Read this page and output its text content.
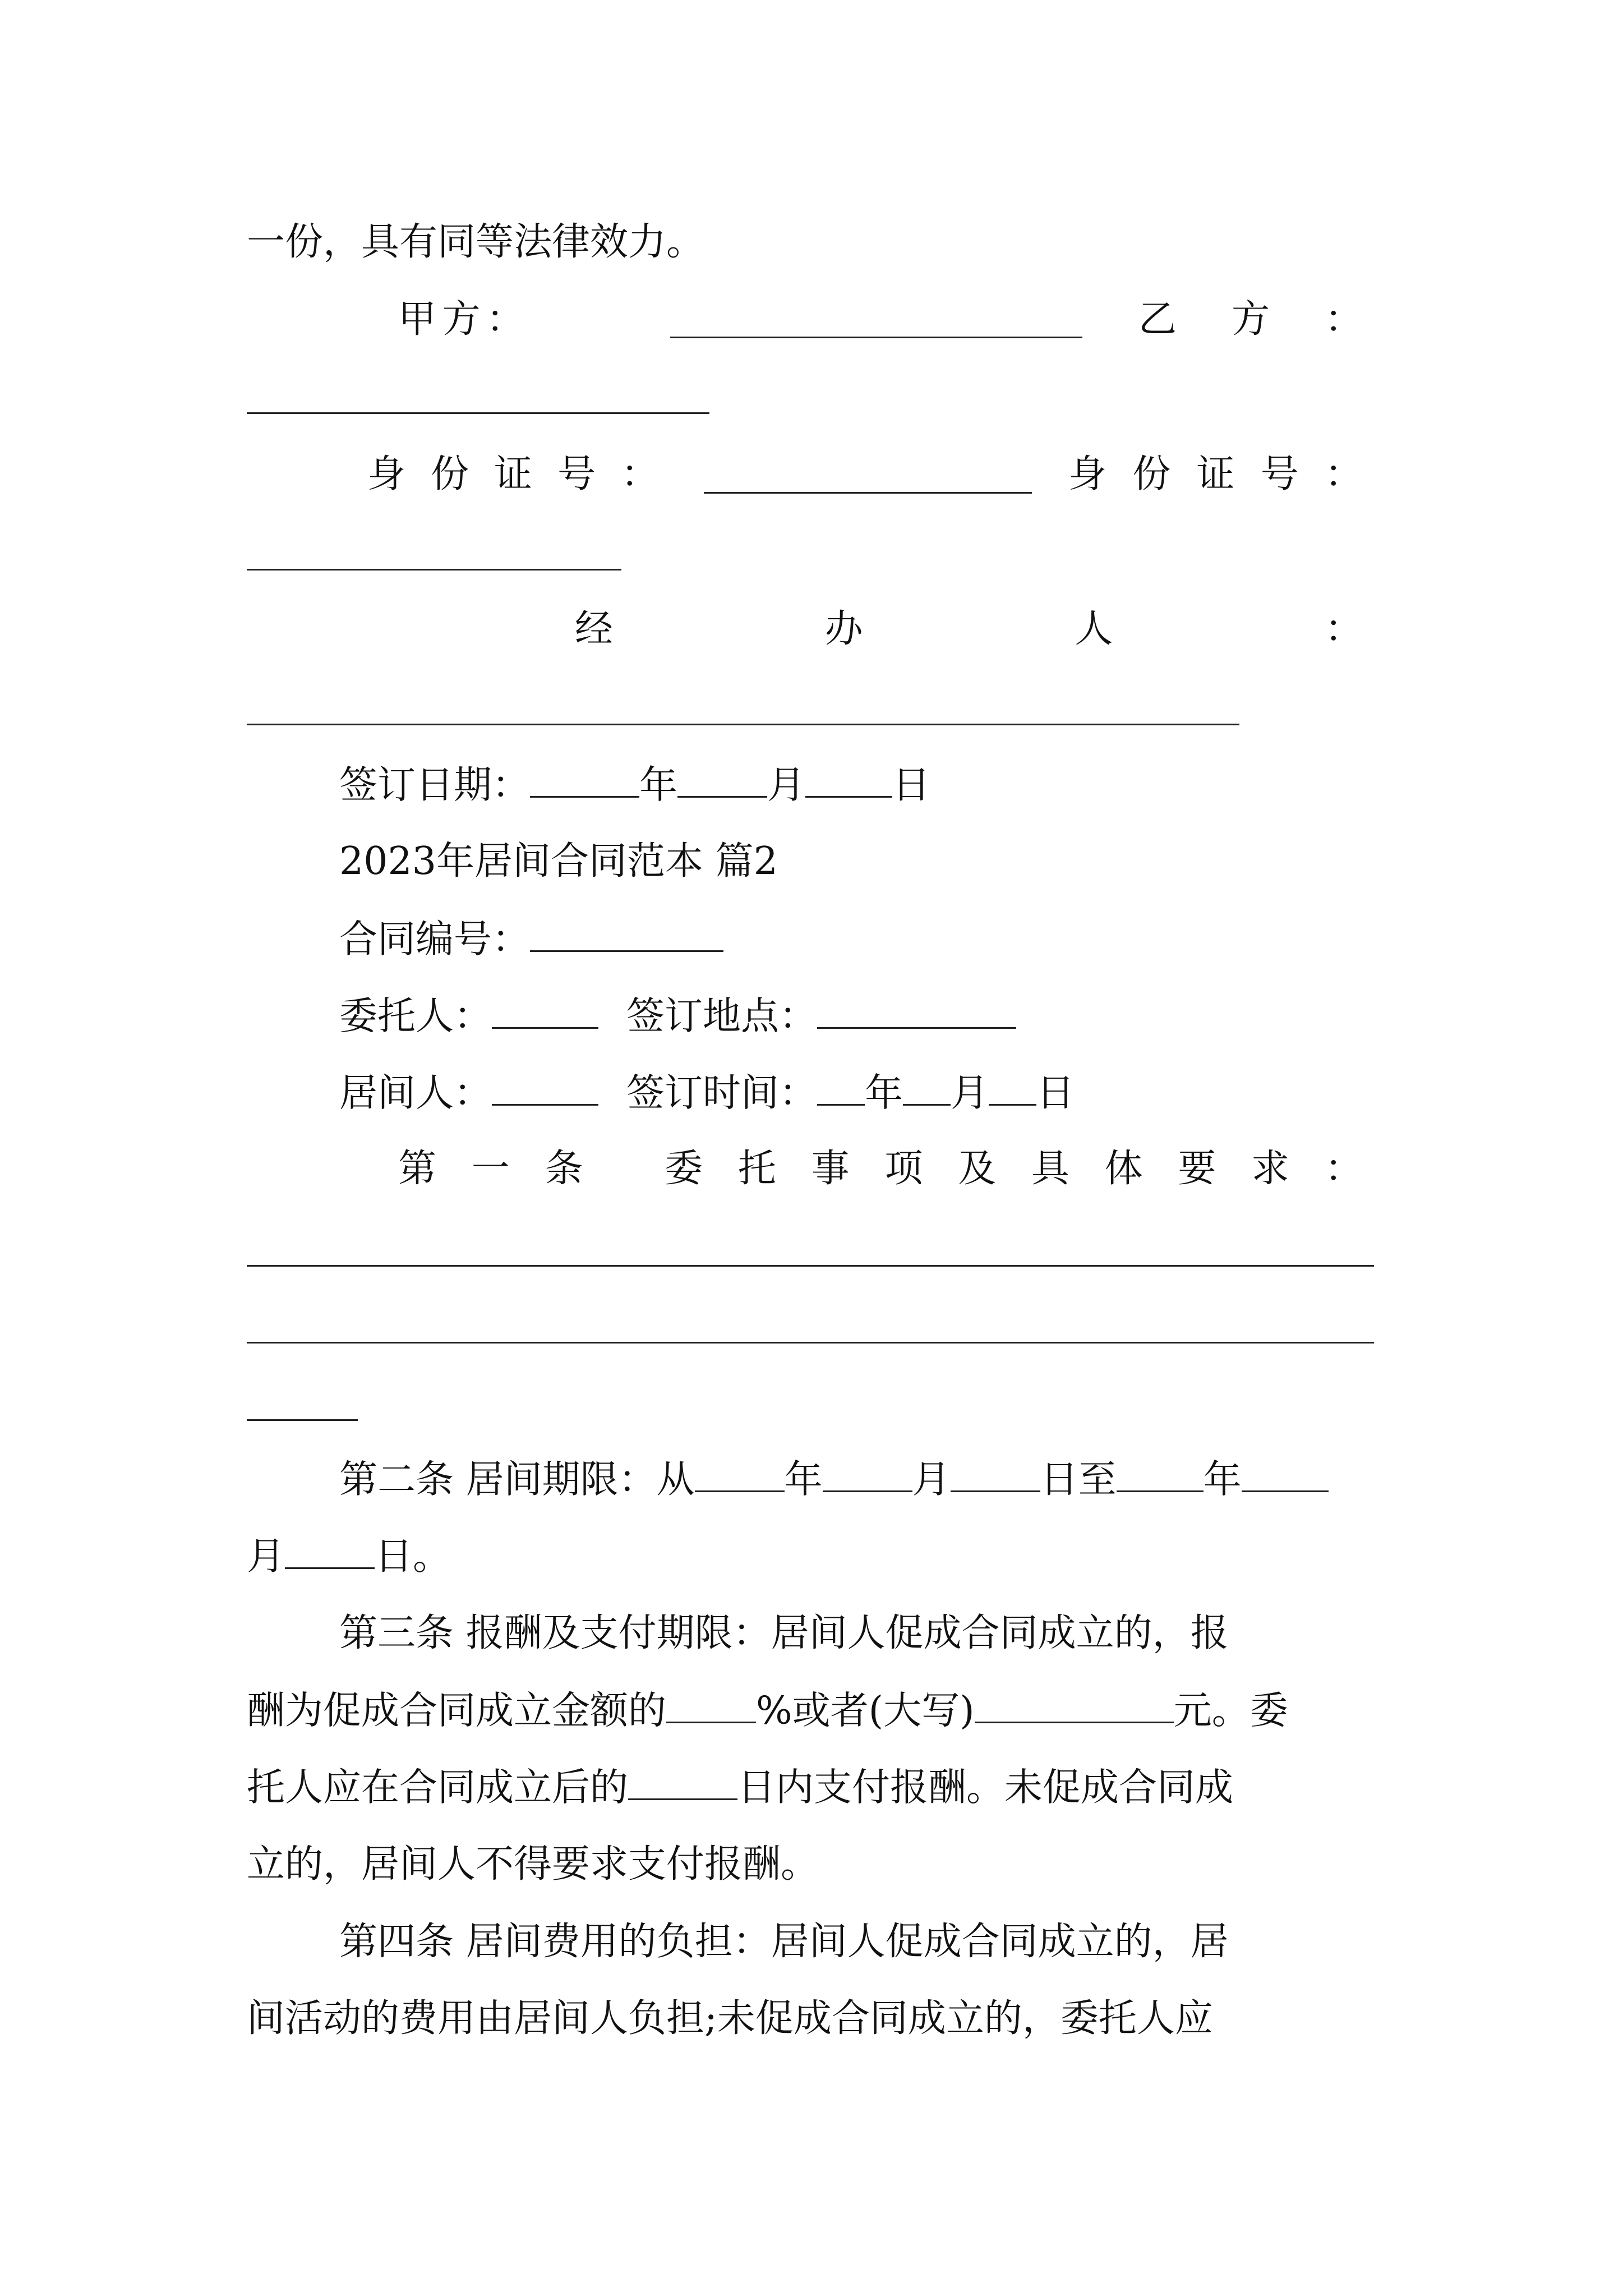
一份，具有同等法律效力。
甲 方 ：	乙 方 ：
身 份 证 号 ：	身 份 证 号 ：
经	办	人	：
签订日期：	年 月 日
2023年居间合同范本 篇2
合同编号：
委托人：	签订地点：
居间人：	签订时间： 年 月 日
第 一 条 委 托 事 项 及 具 体 要 求 ：
第二条 居间期限：从 年 月 日至 年
月 日。
第三条 报酬及支付期限：居间人促成合同成立的，报
酬为促成合同成立金额的 %或者(大写)	元。委
托人应在合同成立后的	日内支付报酬。未促成合同成
立的，居间人不得要求支付报酬。
第四条 居间费用的负担：居间人促成合同成立的，居
间活动的费用由居间人负担;未促成合同成立的，委托人应
